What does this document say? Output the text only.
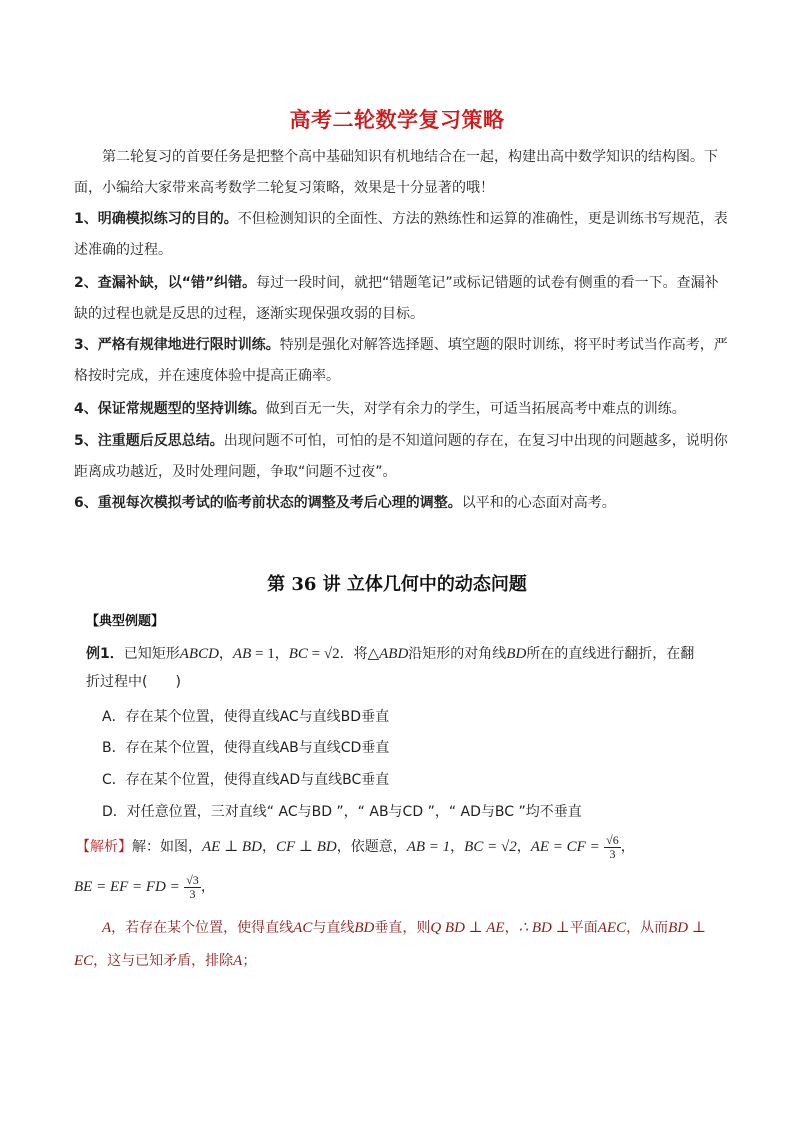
高考二轮数学复习策略
第二轮复习的首要任务是把整个高中基础知识有机地结合在一起，构建出高中数学知识的结构图。下面，小编给大家带来高考数学二轮复习策略，效果是十分显著的哦！
1、明确模拟练习的目的。不但检测知识的全面性、方法的熟练性和运算的准确性，更是训练书写规范，表述准确的过程。
2、查漏补缺，以“错”纠错。每过一段时间，就把“错题笔记”或标记错题的试卷有侧重的看一下。查漏补缺的过程也就是反思的过程，逐渐实现保强攻弱的目标。
3、严格有规律地进行限时训练。特别是强化对解答选择题、填空题的限时训练，将平时考试当作高考，严格按时完成，并在速度体验中提高正确率。
4、保证常规题型的坚持训练。做到百无一失，对学有余力的学生，可适当拓展高考中难点的训练。
5、注重题后反思总结。出现问题不可怕，可怕的是不知道问题的存在，在复习中出现的问题越多，说明你距离成功越近，及时处理问题，争取“问题不过夜”。
6、重视每次模拟考试的临考前状态的调整及考后心理的调整。以平和的心态面对高考。
第 36 讲 立体几何中的动态问题
【典型例题】
例1．已知矩形ABCD，AB = 1，BC = √2．将△ABD沿矩形的对角线BD所在的直线进行翻折，在翻
折过程中(　　)
A．存在某个位置，使得直线AC与直线BD垂直
B．存在某个位置，使得直线AB与直线CD垂直
C．存在某个位置，使得直线AD与直线BC垂直
D．对任意位置，三对直线“ AC与BD ”，“ AB与CD ”，“ AD与BC ”均不垂直
【解析】解：如图，AE ⊥ BD，CF ⊥ BD，依题意，AB = 1，BC = √2，AE = CF = $\frac{√6}{3}$ ，
BE = EF = FD = $\frac{√3}{3}$ ，
A，若存在某个位置，使得直线AC与直线BD垂直，则Q BD ⊥ AE，∴ BD ⊥平面AEC，从而BD ⊥ EC，这与已知矛盾，排除A；
